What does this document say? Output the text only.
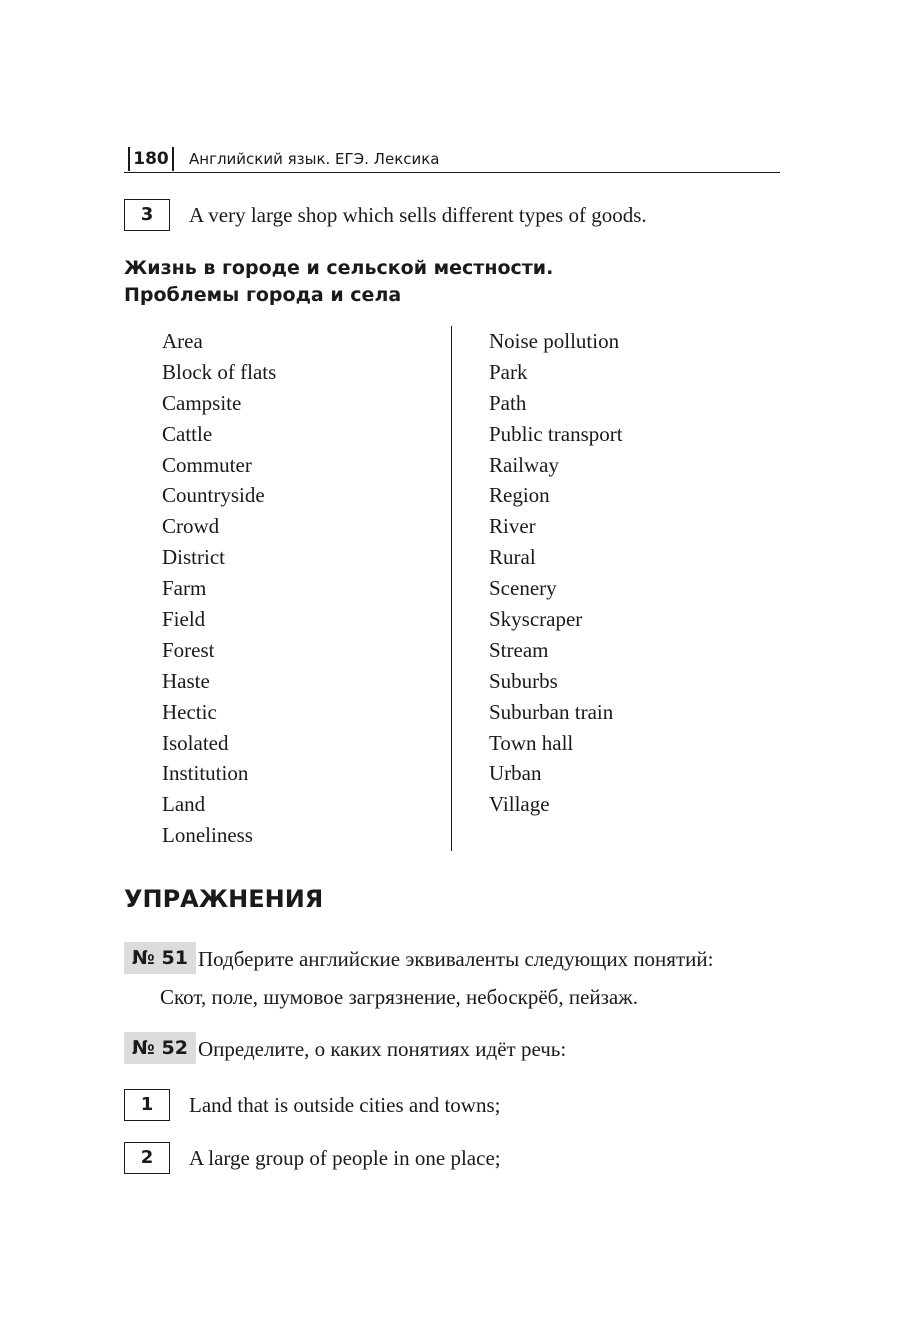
180	Английский язык. ЕГЭ. Лексика
3	A very large shop which sells different types of goods.
Жизнь в городе и сельской местности.
Проблемы города и села
Area
Block of flats
Campsite
Cattle
Commuter
Countryside
Crowd
District
Farm
Field
Forest
Haste
Hectic
Isolated
Institution
Land
Loneliness
Noise pollution
Park
Path
Public transport
Railway
Region
River
Rural
Scenery
Skyscraper
Stream
Suburbs
Suburban train
Town hall
Urban
Village
УПРАЖНЕНИЯ
№ 51 Подберите английские эквиваленты следующих понятий:
Скот, поле, шумовое загрязнение, небоскрёб, пейзаж.
№ 52 Определите, о каких понятиях идёт речь:
1	Land that is outside cities and towns;
2	A large group of people in one place;
